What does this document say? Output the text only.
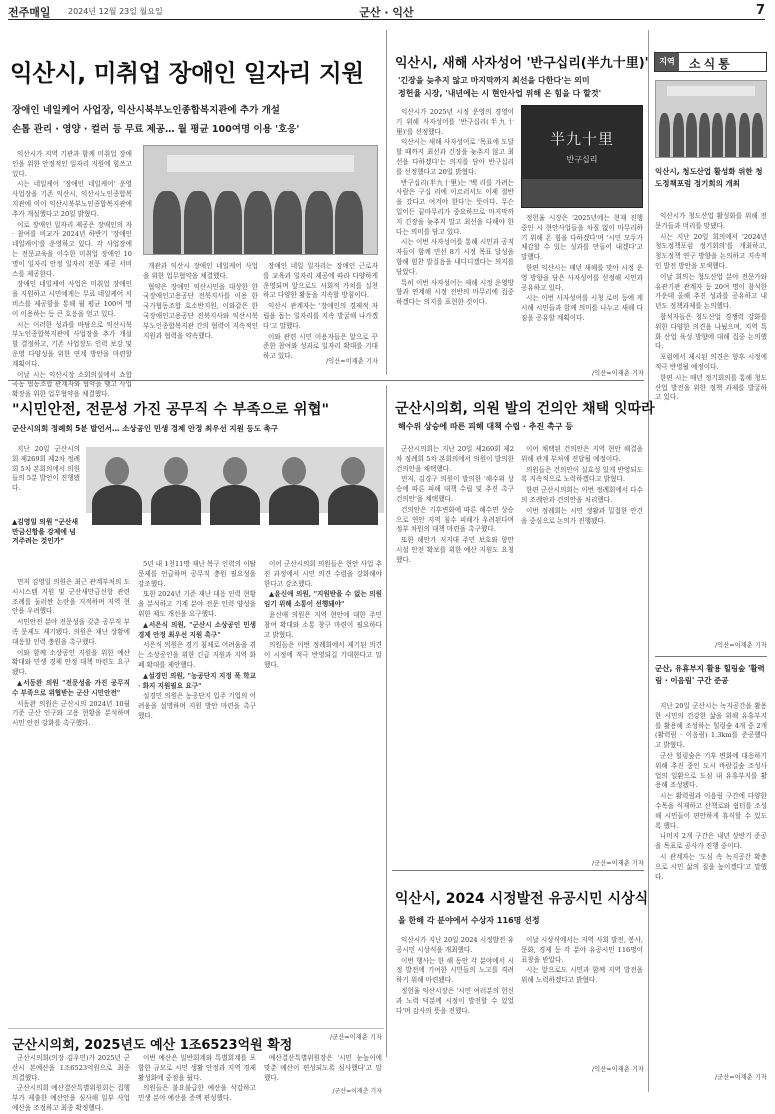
전주매일 2024년 12월 23일 월요일	군산 · 익산	7
익산시, 미취업 장애인 일자리 지원
장애인 네일케어 사업장, 익산시북부노인종합복지관에 추가 개설
손톱 관리 · 영양 · 컬러 등 무료 제공… 월 평균 100여명 이용 '호응'

익산시가 지역 기관과 함께 미취업 장애인을 위한 안정적인 일자리 지원에 힘쓰고 있다.

시는 네일케어 '장애인 네일케어' 운영 사업장을 기존 익산시, 익산시노인종합복지관에 이어 익산시북부노인종합복지관에 추가 개설했다고 20일 밝혔다.

이로 장애인 일자리 제공은 장애인의 자 · 참여를 비교가 2024년 하반기 '장애인 네일케어'를 운영하고 있다. 각 사업장에는 전문교육을 이수한 미취업 장애인 10명이 일자리 안정 일자리 전문 제공 서비스를 제공한다.

장애인 네일케어 사업은 미취업 장애인을 지원하고 시민에게는 무료 네일케어 서비스를 제공함을 통해 월 평균 100여 명이 이용하는 등 큰 호응을 얻고 있다.

시는 이러한 성과를 바탕으로 익산시북부노인종합복지관에 사업장을 추가 개설할 결정하고, 기존 사업장도 인력 보강 및 운영 다양성을 위한 연계 방안을 마련할 계획이다.

이날 시는 익산시장 소회의실에서 쇼합곡동 협동조합 관계자와 협약을 맺고 사업 확장을 위한 업무협약을 체결했다.

개관과 익산시 장애인 네일케어 사업을 위한 업무협약을 체결했다.

협약은 장애인 익산시민을 대상한 한국장애인고용공단 전북지사를 이용 한 국가협동조합 효소반지원, 이와같은 한국장애인고용공단 전북지사와 익산시북부노인종합복지관 간의 협력이 지속적인 지원과 협력을 약속했다.

장애인 네일 일자리는 장애인 근로자를 교육과 일자리 제공에 따라 다양하게 운영되며 앞으로도 사회적 가치를 실천하고 다양한 활동을 지속할 방침이다.

익산시 관계자는 '장애인의 경제적 자립을 돕는 일자리를 지속 발굴해 나가겠다'고 말했다.

이와 관련 시민 이용자들은 앞으로 꾸준한 참여와 성과로 일자리 확대를 기대하고 있다.

/익산=이재춘 기자
익산시, 새해 사자성어 '반구십리(半九十里)'
'긴장을 늦추지 않고 마지막까지 최선을 다한다'는 의미
정헌율 시장, '내년에는 시 현안사업 위해 온 힘을 다 할것'

익산시가 2025년 시정 운영의 경영이기 위해 사자성어를 '반구십리(半九十里)'를 선정했다.

익산시는 새해 사자성어로 '목표에 도달할 때까지 최선과 긴장을 늦추지 않고 최선을 다하겠다'는 의지를 담아 반구십리를 선정했다고 20일 밝혔다.

반구십리(半九十里)는 '백 리를 가려는 사람은 구십 리에 이르러서도 이제 절반을 갔다고 여겨야 한다'는 뜻이다. 무슨 일이든 끝마무리가 중요하므로 마지막까지 긴장을 늦추지 말고 최선을 다해야 한다는 의미를 담고 있다.

시는 이번 사자성어를 통해 시민과 공직자들이 함께 민선 8기 시정 목표 달성을 향해 힘찬 발걸음을 내디디겠다는 의지를 담았다.

특히 이번 사자성어는 새해 시정 운영방향과 연계해 시정 전반의 마무리에 집중하겠다는 의지를 표현한 것이다.

半九十里
반구십리

정헌율 시장은 '2025년에는 현재 진행 중인 시 현안사업들을 차질 없이 마무리하기 위해 온 힘을 다하겠다'며 '시민 모두가 체감할 수 있는 성과를 만들어 내겠다'고 말했다.

한편 익산시는 매년 새해를 맞아 시정 운영 방향을 담은 사자성어를 선정해 시민과 공유하고 있다.

시는 이번 사자성어를 시청 로비 등에 게시해 시민들과 함께 의미를 나누고 새해 다짐을 공유할 계획이다.

/익산=이재춘 기자
지역	소식통
익산시, 청도산업 활성화 위한 청도정책포럼 정기회의 개최

익산시가 청도산업 활성화를 위해 전문가들과 머리를 맞댔다.

시는 지난 20일 회의에서 '2024년 청도정책포럼 정기회의'를 개최하고, 청도정책 연구 방향을 논의하고 지속적인 발전 방안을 모색했다.

이날 회의는 청도산업 분야 전문가와 유관기관 관계자 등 20여 명이 참석한 가운데 올해 추진 성과를 공유하고 내년도 정책과제를 논의했다.

참석자들은 청도산업 경쟁력 강화를 위한 다양한 의견을 나눴으며, 지역 특화 산업 육성 방향에 대해 집중 논의했다.

포럼에서 제시된 의견은 향후 시정에 적극 반영될 예정이다.

한편 시는 매년 정기회의를 통해 청도산업 발전을 위한 정책 과제를 발굴하고 있다.

/익산=이재춘 기자
군산, 유휴부지 활용 힐링숲 '활력림 · 이음림' 구간 준공

지난 20일 군산시는 녹지공간을 활용한 시민의 건강한 삶을 위해 유휴부지를 활용해 조성하는 힐링숲 4개 중 2개(활력림 · 이음림) 1.3km를 준공했다고 밝혔다.

군산 힐링숲은 기후 변화에 대응하기 위해 추진 중인 도시 바람길숲 조성사업의 일환으로 도심 내 유휴부지를 활용해 조성됐다.

시는 활력림과 이음림 구간에 다양한 수목을 식재하고 산책로와 쉼터를 조성해 시민들이 편안하게 휴식할 수 있도록 했다.

나머지 2개 구간은 내년 상반기 준공을 목표로 공사가 진행 중이다.

시 관계자는 '도심 속 녹지공간 확충으로 시민 삶의 질을 높이겠다'고 말했다.

/군산=이재춘 기자
"시민안전, 전문성 가진 공무직 수 부족으로 위협"
군산시의회 정례회 5분 발언서… 소상공인 민생 경제 안정 최우선 지원 등도 촉구

지난 20일 군산시의회 제269회 제2차 정례회 5차 본회의에서 의원들의 5분 발언이 진행됐다.

▲김영일 의원 "군산새만금신항을 강제에 넘겨주려는 것인가"

먼저 김영일 의원은 최근 관계부처의 도시시스템 지원 및 군산새만금신항 관련 조례를 둘러싼 논란을 지적하며 지역 현안을 우려했다.

시민안전 분야 전문성을 갖춘 공무직 부족 문제도 제기됐다. 의원은 재난 상황에 대응할 인력 충원을 촉구했다.

이와 함께 소상공인 지원을 위한 예산 확대와 민생 경제 안정 대책 마련도 요구됐다.

▲서동완 의원 "전문성을 가진 공무직 수 부족으로 위협받는 군산 시민안전"

서동완 의원은 군산시의 2024년 10월 기준 군산 인구와 고용 현황을 분석하며 시민 안전 강화를 촉구했다.

5년 내 1천11명 재난 복구 인력의 이탈 문제를 언급하며 공무직 충원 필요성을 강조했다.

또한 2024년 기준 재난 대응 인력 현황을 분석하고 기계 분야 전문 인력 양성을 위한 제도 개선을 요구했다.

▲서은식 의원, "군산시 소상공인 민생 경제 안정 최우선 지원 촉구"

서은식 의원은 경기 침체로 어려움을 겪는 소상공인을 위한 긴급 지원과 지역 화폐 확대를 제안했다.

▲설경민 의원, "농공단지 지정 폭 학교 · 화지 지원필요 요구"

설경민 의원은 농공단지 입주 기업의 어려움을 설명하며 지원 방안 마련을 촉구했다.

이어 군산시의회 의원들은 현안 사업 추진 과정에서 시민 의견 수렴을 강화해야 한다고 강조했다.

▲윤신애 의원, "지원받을 수 없는 의원 임기 위해 소통이 선행돼야"

윤신애 의원은 지역 현안에 대한 주민 참여 확대와 소통 창구 마련이 필요하다고 밝혔다.

의원들은 이번 정례회에서 제기된 의견이 시정에 적극 반영되길 기대한다고 말했다.

/군산=이재춘 기자
군산시의회, 의원 발의 건의안 채택 잇따라
해수위 상승에 따른 피해 대책 수립 · 추진 촉구 등

군산시의회는 지난 20일 제269회 제2차 정례회 5차 본회의에서 의원이 발의한 건의안을 채택했다.

먼저, 김경구 의원이 발의한 '해수위 상승에 따른 피해 대책 수립 및 추진 촉구 건의안'을 채택했다.

건의안은 기후변화에 따른 해수면 상승으로 연안 지역 침수 피해가 우려된다며 정부 차원의 대책 마련을 촉구했다.

또한 해안가 저지대 주민 보호와 항만 시설 안전 확보를 위한 예산 지원도 요청했다.

이어 채택된 건의안은 지역 현안 해결을 위해 관계 부처에 전달될 예정이다.

의원들은 건의안이 실효성 있게 반영되도록 지속적으로 노력하겠다고 밝혔다.

한편 군산시의회는 이번 정례회에서 다수의 조례안과 건의안을 처리했다.

이번 정례회는 시민 생활과 밀접한 안건을 중심으로 논의가 진행됐다.

/군산=이재춘 기자
익산시, 2024 시정발전 유공시민 시상식
올 한해 각 분야에서 수상자 116명 선정

익산시가 지난 20일 2024 시정발전 유공시민 시상식을 개최했다.

이번 행사는 한 해 동안 각 분야에서 시정 발전에 기여한 시민들의 노고를 격려하기 위해 마련됐다.

정헌율 익산시장은 '시민 여러분의 헌신과 노력 덕분에 시정이 발전할 수 있었다'며 감사의 뜻을 전했다.

이날 시상식에서는 지역 사회 발전, 봉사, 문화, 경제 등 각 분야 유공시민 116명이 표창을 받았다.

시는 앞으로도 시민과 함께 지역 발전을 위해 노력하겠다고 밝혔다.

/익산=이재춘 기자
군산시의회, 2025년도 예산 1조6523억원 확정

군산시의회(의장 김우민)가 2025년 군산시 본예산을 1조6523억원으로 최종 의결했다.

군산시의회 예산결산특별위원회는 집행부가 제출한 예산안을 심사해 일부 사업 예산을 조정하고 최종 확정했다.

이번 예산은 일반회계와 특별회계를 포함한 규모로 시민 생활 안정과 지역 경제 활성화에 중점을 뒀다.

의원들은 불요불급한 예산을 삭감하고 민생 분야 예산을 증액 편성했다.

예산결산특별위원장은 '시민 눈높이에 맞춘 예산이 편성되도록 심사했다'고 말했다.

/군산=이재춘 기자
